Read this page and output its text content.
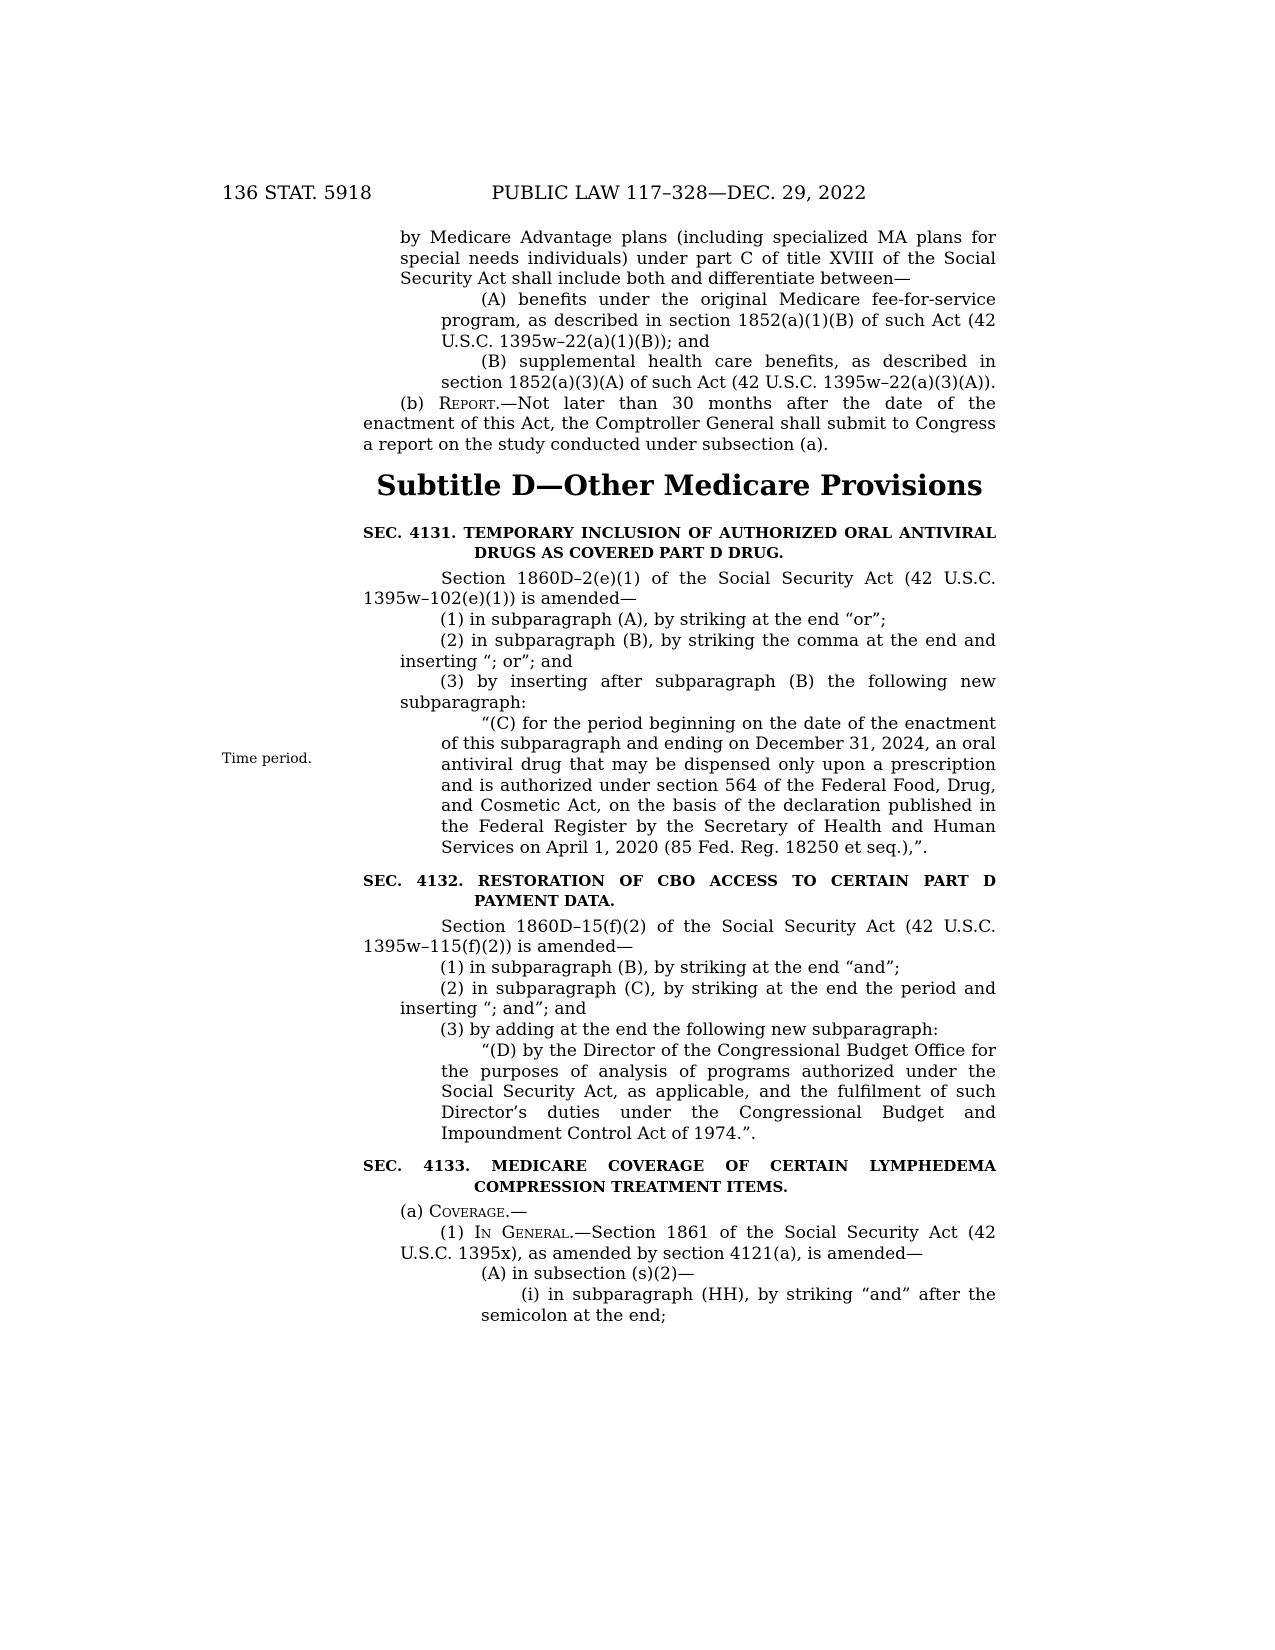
136 STAT. 5918	PUBLIC LAW 117–328—DEC. 29, 2022
Time period.

by Medicare Advantage plans (including specialized MA plans for special needs individuals) under part C of title XVIII of the Social Security Act shall include both and differentiate between—

(A) benefits under the original Medicare fee-for-service program, as described in section 1852(a)(1)(B) of such Act (42 U.S.C. 1395w–22(a)(1)(B)); and

(B) supplemental health care benefits, as described in section 1852(a)(3)(A) of such Act (42 U.S.C. 1395w–22(a)(3)(A)).

(b) Report.—Not later than 30 months after the date of the enactment of this Act, the Comptroller General shall submit to Congress a report on the study conducted under subsection (a).

Subtitle D—Other Medicare Provisions

SEC. 4131. TEMPORARY INCLUSION OF AUTHORIZED ORAL ANTIVIRAL DRUGS AS COVERED PART D DRUG.

Section 1860D–2(e)(1) of the Social Security Act (42 U.S.C. 1395w–102(e)(1)) is amended—

(1) in subparagraph (A), by striking at the end “or”;

(2) in subparagraph (B), by striking the comma at the end and inserting “; or”; and

(3) by inserting after subparagraph (B) the following new subparagraph:

“(C) for the period beginning on the date of the enactment of this subparagraph and ending on December 31, 2024, an oral antiviral drug that may be dispensed only upon a prescription and is authorized under section 564 of the Federal Food, Drug, and Cosmetic Act, on the basis of the declaration published in the Federal Register by the Secretary of Health and Human Services on April 1, 2020 (85 Fed. Reg. 18250 et seq.),”.

SEC. 4132. RESTORATION OF CBO ACCESS TO CERTAIN PART D PAYMENT DATA.

Section 1860D–15(f)(2) of the Social Security Act (42 U.S.C. 1395w–115(f)(2)) is amended—

(1) in subparagraph (B), by striking at the end “and”;

(2) in subparagraph (C), by striking at the end the period and inserting “; and”; and

(3) by adding at the end the following new subparagraph:

“(D) by the Director of the Congressional Budget Office for the purposes of analysis of programs authorized under the Social Security Act, as applicable, and the fulfilment of such Director’s duties under the Congressional Budget and Impoundment Control Act of 1974.”.

SEC. 4133. MEDICARE COVERAGE OF CERTAIN LYMPHEDEMA COMPRESSION TREATMENT ITEMS.

(a) Coverage.—

(1) In General.—Section 1861 of the Social Security Act (42 U.S.C. 1395x), as amended by section 4121(a), is amended—

(A) in subsection (s)(2)—

(i) in subparagraph (HH), by striking “and” after the semicolon at the end;
